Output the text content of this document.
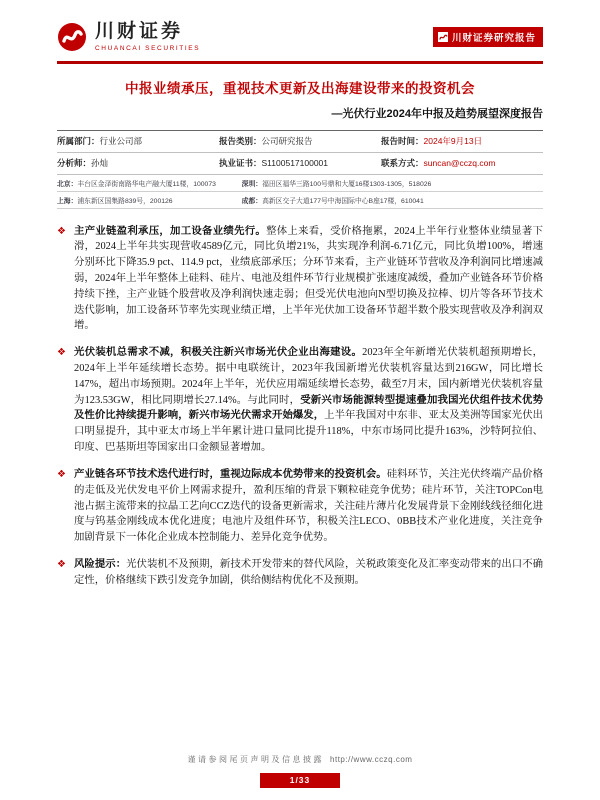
川财证券
CHUANCAI SECURITIES
川财证券研究报告
中报业绩承压，重视技术更新及出海建设带来的投资机会
—光伏行业2024年中报及趋势展望深度报告
所属部门：行业公司部	报告类别：公司研究报告	报告时间：2024年9月13日
分析师：孙灿	执业证书：S1100517100001	联系方式：suncan@cczq.com
北京：丰台区金泽街南路华电产融大厦11楼，100073	深圳：福田区福华三路100号鼎和大厦16楼1303-1305，518026
上海：浦东新区国集路839号，200126	成都：高新区交子大道177号中海国际中心B座17楼，610041
❖ 主产业链盈利承压，加工设备业绩先行。整体上来看，受价格拖累，2024上半年行业整体业绩显著下滑，2024上半年共实现营收4589亿元，同比负增21%，共实现净利润-6.71亿元，同比负增100%，增速分别环比下降35.9 pct、114.9 pct，业绩底部承压；分环节来看，主产业链环节营收及净利润同比增速减弱，2024年上半年整体上硅料、硅片、电池及组件环节行业规模扩张速度减缓，叠加产业链各环节价格持续下挫，主产业链个股营收及净利润快速走弱；但受光伏电池向N型切换及拉棒、切片等各环节技术迭代影响，加工设备环节率先实现业绩正增，上半年光伏加工设备环节超半数个股实现营收及净利润双增。
❖ 光伏装机总需求不减，积极关注新兴市场光伏企业出海建设。2023年全年新增光伏装机超预期增长，2024年上半年延续增长态势。据中电联统计，2023年我国新增光伏装机容量达到216GW，同比增长147%，超出市场预期。2024年上半年，光伏应用端延续增长态势，截至7月末，国内新增光伏装机容量为123.53GW，相比同期增长27.14%。与此同时，受新兴市场能源转型提速叠加我国光伏组件技术优势及性价比持续提升影响，新兴市场光伏需求开始爆发，上半年我国对中东非、亚太及美洲等国家光伏出口明显提升，其中亚太市场上半年累计进口量同比提升118%，中东市场同比提升163%，沙特阿拉伯、印度、巴基斯坦等国家出口金额显著增加。
❖ 产业链各环节技术迭代进行时，重视边际成本优势带来的投资机会。硅料环节，关注光伏终端产品价格的走低及光伏发电平价上网需求提升，盈利压缩的背景下颗粒硅竞争优势；硅片环节，关注TOPCon电池占据主流带来的拉晶工艺向CCZ迭代的设备更新需求，关注硅片薄片化发展背景下金刚线线径细化进度与钨基金刚线成本优化进度；电池片及组件环节，积极关注LECO、0BB技术产业化进度，关注竞争加剧背景下一体化企业成本控制能力、差异化竞争优势。
❖ 风险提示：光伏装机不及预期，新技术开发带来的替代风险，关税政策变化及汇率变动带来的出口不确定性，价格继续下跌引发竞争加剧，供给侧结构优化不及预期。
谨请参阅尾页声明及信息披露 http://www.cczq.com
1/33
